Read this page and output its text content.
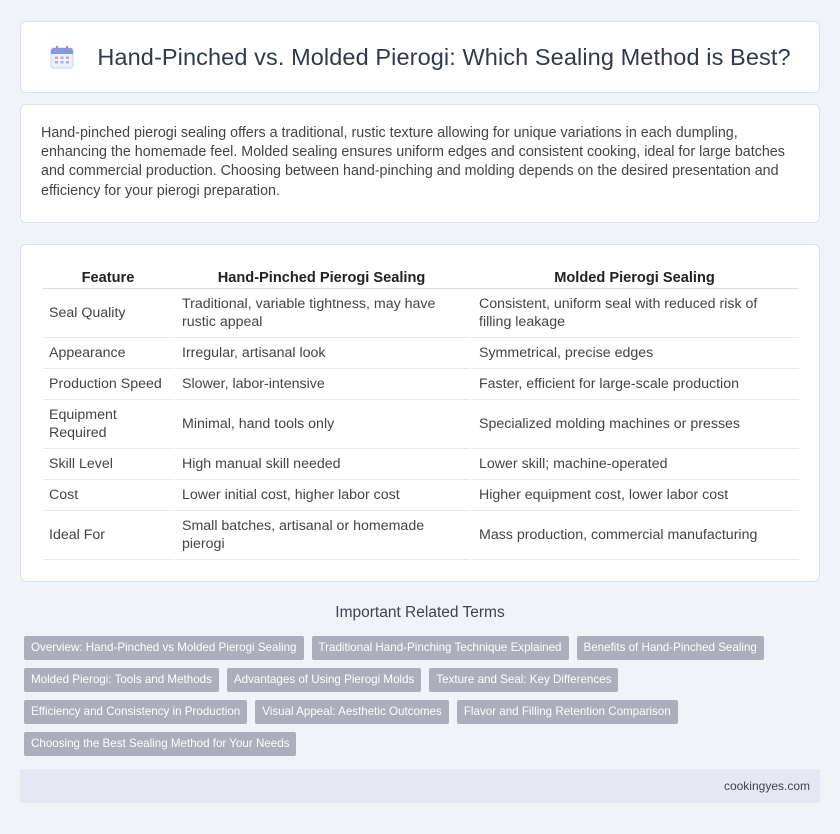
Hand-Pinched vs. Molded Pierogi: Which Sealing Method is Best?

Hand-pinched pierogi sealing offers a traditional, rustic texture allowing for unique variations in each dumpling, enhancing the homemade feel. Molded sealing ensures uniform edges and consistent cooking, ideal for large batches and commercial production. Choosing between hand-pinching and molding depends on the desired presentation and efficiency for your pierogi preparation.

Feature	Hand-Pinched Pierogi Sealing	Molded Pierogi Sealing
Seal Quality	Traditional, variable tightness, may have rustic appeal	Consistent, uniform seal with reduced risk of filling leakage
Appearance	Irregular, artisanal look	Symmetrical, precise edges
Production Speed	Slower, labor-intensive	Faster, efficient for large-scale production
Equipment Required	Minimal, hand tools only	Specialized molding machines or presses
Skill Level	High manual skill needed	Lower skill; machine-operated
Cost	Lower initial cost, higher labor cost	Higher equipment cost, lower labor cost
Ideal For	Small batches, artisanal or homemade pierogi	Mass production, commercial manufacturing
Important Related Terms
Overview: Hand-Pinched vs Molded Pierogi Sealing	Traditional Hand-Pinching Technique Explained	Benefits of Hand-Pinched Sealing
Molded Pierogi: Tools and Methods	Advantages of Using Pierogi Molds	Texture and Seal: Key Differences
Efficiency and Consistency in Production	Visual Appeal: Aesthetic Outcomes	Flavor and Filling Retention Comparison
Choosing the Best Sealing Method for Your Needs
cookingyes.com
